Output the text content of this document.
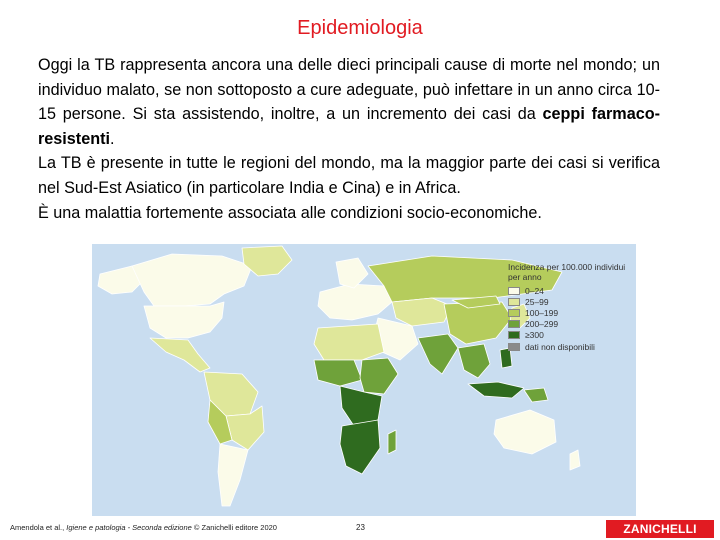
Epidemiologia

Oggi la TB rappresenta ancora una delle dieci principali cause di morte nel mondo; un individuo malato, se non sottoposto a cure adeguate, può infettare in un anno circa 10-15 persone. Si sta assistendo, inoltre, a un incremento dei casi da ceppi farmaco-resistenti.

La TB è presente in tutte le regioni del mondo, ma la maggior parte dei casi si verifica nel Sud-Est Asiatico (in particolare India e Cina) e in Africa.

È una malattia fortemente associata alle condizioni socio-economiche.

Incidenza per 100.000 individui per anno
0–24
25–99
100–199
200–299
≥300
dati non disponibili
Amendola et al., Igiene e patologia - Seconda edizione © Zanichelli editore 2020	23	ZANICHELLI
